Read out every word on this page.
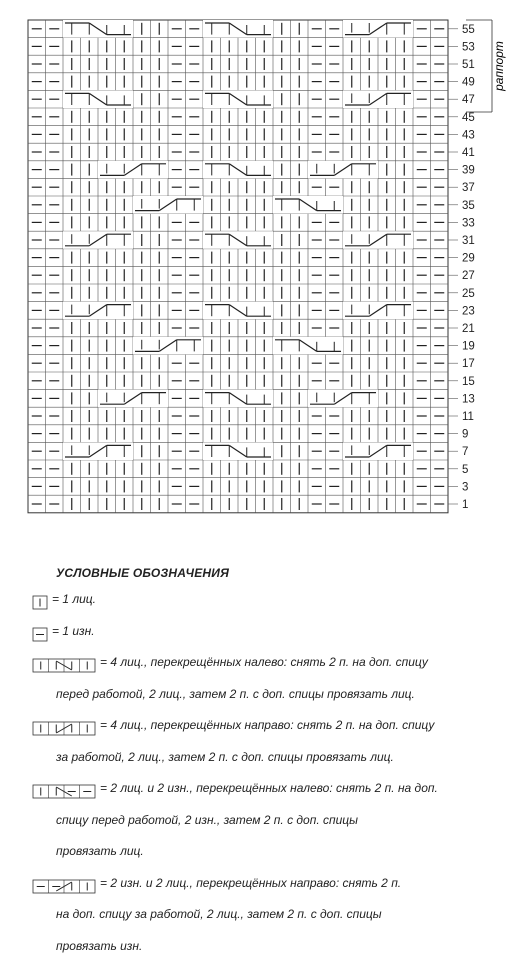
55
53
51
49
47
45
43
41
39
37
35
33
31
29
27
25
23
21
19
17
15
13
11
9
7
5
3
1
раппорт
УСЛОВНЫЕ ОБОЗНАЧЕНИЯ
= 1 лиц.
= 1 изн.
= 4 лиц., перекрещённых налево: снять 2 п. на доп. спицу
перед работой, 2 лиц., затем 2 п. с доп. спицы провязать лиц.
= 4 лиц., перекрещённых направо: снять 2 п. на доп. спицу
за работой, 2 лиц., затем 2 п. с доп. спицы провязать лиц.
= 2 лиц. и 2 изн., перекрещённых налево: снять 2 п. на доп.
спицу перед работой, 2 изн., затем 2 п. с доп. спицы
провязать лиц.
= 2 изн. и 2 лиц., перекрещённых направо: снять 2 п.
на доп. спицу за работой, 2 лиц., затем 2 п. с доп. спицы
провязать изн.
